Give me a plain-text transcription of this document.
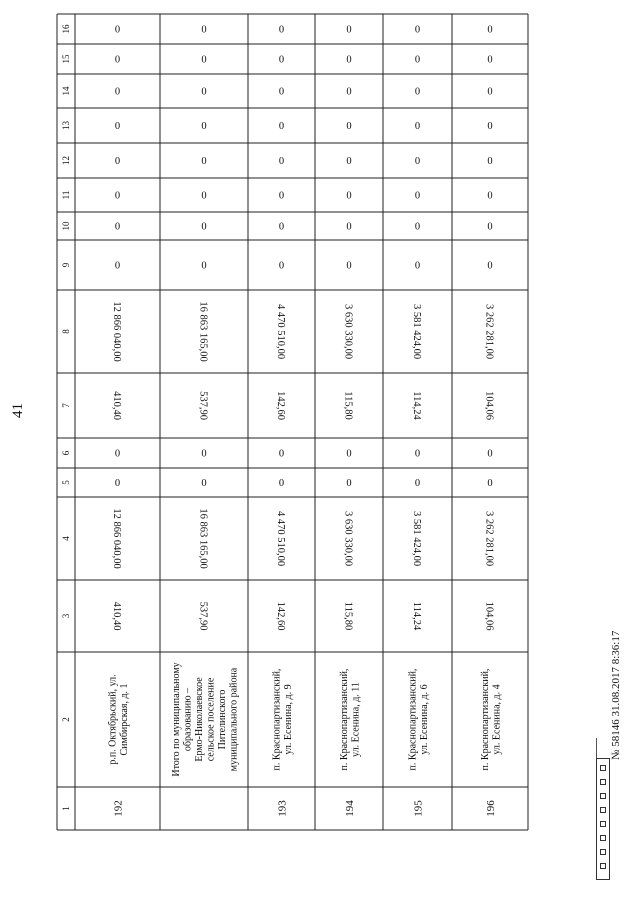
1
2
3
4
5
6
7
8
9
10
11
12
13
14
15
16
192
р.п. Октябрьский, ул.Симбирская, д. 1
410,40
12 866 040,00
0
0
410,40
12 866 040,00
0
0
0
0
0
0
0
0
Итого по муниципальномуобразованию –Ермо-Николаевскоесельское поселениеПителинскогомуниципального района
537,90
16 863 165,00
0
0
537,90
16 863 165,00
0
0
0
0
0
0
0
0
193
п. Краснопартизанский,ул. Есенина, д. 9
142,60
4 470 510,00
0
0
142,60
4 470 510,00
0
0
0
0
0
0
0
0
194
п. Краснопартизанский,ул. Есенина, д. 11
115,80
3 630 330,00
0
0
115,80
3 630 330,00
0
0
0
0
0
0
0
0
195
п. Краснопартизанский,ул. Есенина, д. 6
114,24
3 581 424,00
0
0
114,24
3 581 424,00
0
0
0
0
0
0
0
0
196
п. Краснопартизанский,ул. Есенина, д. 4
104,06
3 262 281,00
0
0
104,06
3 262 281,00
0
0
0
0
0
0
0
0
41
№ 58146 31.08.2017 8:36:17
